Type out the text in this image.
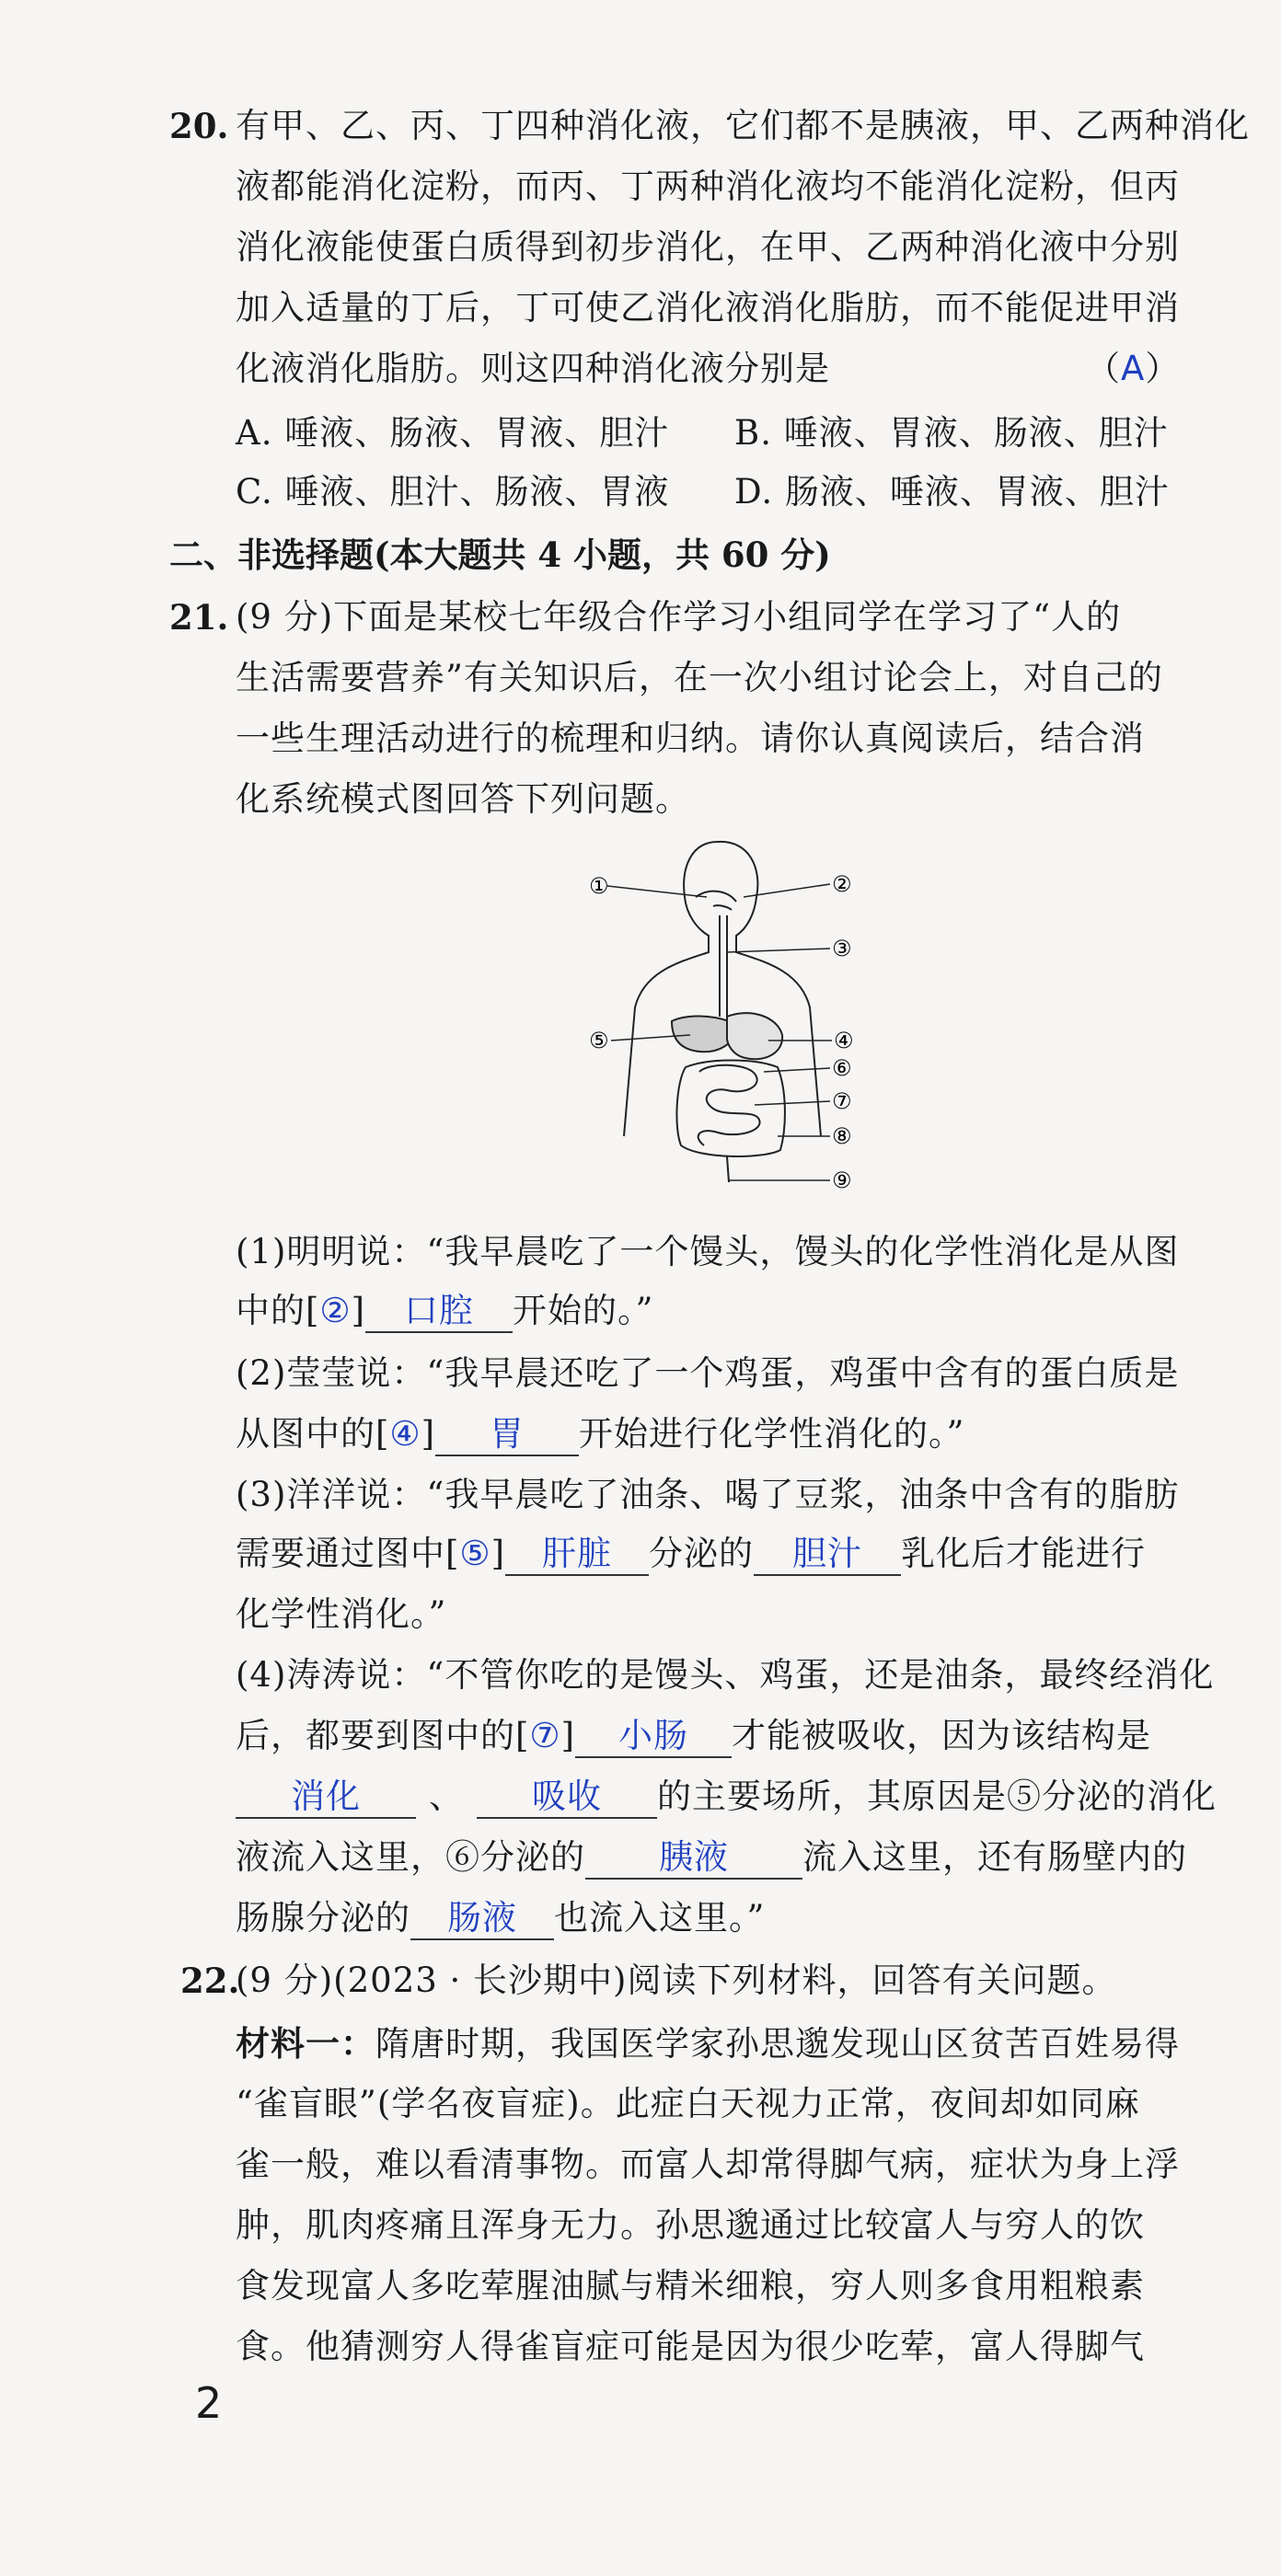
20. 有甲、乙、丙、丁四种消化液，它们都不是胰液，甲、乙两种消化
液都能消化淀粉，而丙、丁两种消化液均不能消化淀粉，但丙
消化液能使蛋白质得到初步消化，在甲、乙两种消化液中分别
加入适量的丁后，丁可使乙消化液消化脂肪，而不能促进甲消
化液消化脂肪。则这四种消化液分别是	（A）
A. 唾液、肠液、胃液、胆汁 B. 唾液、胃液、肠液、胆汁
C. 唾液、胆汁、肠液、胃液 D. 肠液、唾液、胃液、胆汁
二、非选择题(本大题共 4 小题，共 60 分)
21. (9 分)下面是某校七年级合作学习小组同学在学习了“人的
生活需要营养”有关知识后，在一次小组讨论会上，对自己的
一些生理活动进行的梳理和归纳。请你认真阅读后，结合消
化系统模式图回答下列问题。
①	②
③
④
⑤
⑥
⑦
⑧
⑨
(1)明明说：“我早晨吃了一个馒头，馒头的化学性消化是从图
中的[②] 口腔 开始的。”
(2)莹莹说：“我早晨还吃了一个鸡蛋，鸡蛋中含有的蛋白质是
从图中的[④] 胃 开始进行化学性消化的。”
(3)洋洋说：“我早晨吃了油条、喝了豆浆，油条中含有的脂肪
需要通过图中[⑤] 肝脏 分泌的 胆汁 乳化后才能进行
化学性消化。”
(4)涛涛说：“不管你吃的是馒头、鸡蛋，还是油条，最终经消化
后，都要到图中的[⑦] 小肠 才能被吸收，因为该结构是
消化 、 吸收 的主要场所，其原因是⑤分泌的消化
液流入这里，⑥分泌的 胰液 流入这里，还有肠壁内的
肠腺分泌的 肠液 也流入这里。”
22.
(9 分)(2023 · 长沙期中)阅读下列材料，回答有关问题。
材料一：隋唐时期，我国医学家孙思邈发现山区贫苦百姓易得
“雀盲眼”(学名夜盲症)。此症白天视力正常，夜间却如同麻
雀一般，难以看清事物。而富人却常得脚气病，症状为身上浮
肿，肌肉疼痛且浑身无力。孙思邈通过比较富人与穷人的饮
食发现富人多吃荤腥油腻与精米细粮，穷人则多食用粗粮素
食。他猜测穷人得雀盲症可能是因为很少吃荤，富人得脚气
2
